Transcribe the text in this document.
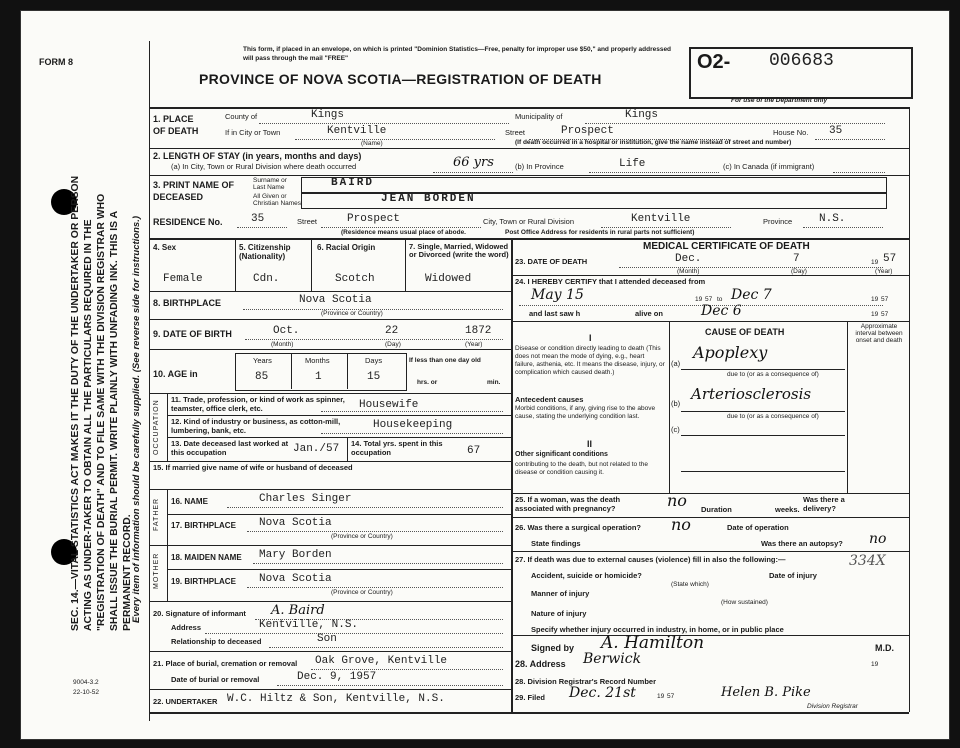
SEC. 14.—VITAL STATISTICS ACT MAKES IT THE DUTY OF THE UNDERTAKER OR PERSON ACTING AS UNDER-TAKER TO OBTAIN ALL THE PARTICULARS REQUIRED IN THE "REGISTRATION OF DEATH" AND TO FILE SAME WITH THE DIVISION REGISTRAR WHO SHALL ISSUE THE BURIAL PERMIT. WRITE PLAINLY WITH UNFADING INK. THIS IS A PERMANENT RECORD.
Every item of information should be carefully supplied. (See reverse side for instructions.)
FORM 8
9004-3.2
22-10-52
This form, if placed in an envelope, on which is printed "Dominion Statistics—Free, penalty for improper use $50," and properly addressed will pass through the mail "FREE"
PROVINCE OF NOVA SCOTIA—REGISTRATION OF DEATH
O2- 006683
For use of the Department only
1. PLACE OF DEATH
County of	Kings	Municipality of	Kings
If in City or Town	Kentville
(Name)
Street	Prospect	House No. 35
(If death occurred in a hospital or institution, give the name instead of street and number)
2. LENGTH OF STAY (in years, months and days)
(a) In City, Town or Rural Division where death occurred	66 yrs	(b) In Province	Life	(c) In Canada (if immigrant)
3. PRINT NAME OF DECEASED
Surname or Last Name	BAIRD
All Given or Christian Names	JEAN BORDEN
RESIDENCE No.	35	Street	Prospect	City, Town or Rural Division	Kentville	Province N.S.
(Residence means usual place of abode.	Post Office Address for residents in rural parts not sufficient)
4. Sex
Female
5. Citizenship (Nationality)
Cdn.
6. Racial Origin
Scotch
7. Single, Married, Widowed or Divorced (write the word)
Widowed
8. BIRTHPLACE	Nova Scotia
(Province or Country)
9. DATE OF BIRTH	Oct.	22	1872
(Month)	(Day)	(Year)
10. AGE in
Years	Months	Days
85	1	15
If less than one day old
hrs. or	min.
OCCUPATION 11. Trade, profession, or kind of work as spinner, teamster, office clerk, etc.	Housewife
12. Kind of industry or business, as cotton-mill, lumbering, bank, etc.	Housekeeping
13. Date deceased last worked at this occupation	Jan./57 14. Total yrs. spent in this occupation	67
15. If married give name of wife or husband of deceased
FATHER 16. NAME	Charles Singer
17. BIRTHPLACE Nova Scotia
(Province or Country)
MOTHER 18. MAIDEN NAME Mary Borden
19. BIRTHPLACE Nova Scotia
(Province or Country)
20. Signature of informant A. Baird
Address	Kentville, N.S.
Relationship to deceased	Son
21. Place of burial, cremation or removal Oak Grove, Kentville
Date of burial or removal	Dec. 9, 1957
22. UNDERTAKER W.C. Hiltz & Son, Kentville, N.S.
MEDICAL CERTIFICATE OF DEATH
23. DATE OF DEATH	Dec.	7	19 57
(Month)	(Day)	(Year)
24. I HEREBY CERTIFY that I attended deceased from
May 15	19 57 to Dec 7	19 57
and last saw h	alive on	Dec 6	19 57
CAUSE OF DEATH
Approximate interval between onset and death
I
Disease or condition directly leading to death (This does not mean the mode of dying, e.g., heart failure, asthenia, etc. It means the disease, injury, or complication which caused death.)
(a)
Apoplexy
due to (or as a consequence of)
Antecedent causes
Morbid conditions, if any, giving rise to the above cause, stating the underlying condition last.
(b)
Arteriosclerosis
due to (or as a consequence of)
(c)
II
Other significant conditions
contributing to the death, but not related to the disease or condition causing it.
25. If a woman, was the death associated with pregnancy?	no Duration	weeks.
Was there a delivery?
26. Was there a surgical operation? no	Date of operation
State findings	Was there an autopsy? no
27. If death was due to external causes (violence) fill in also the following:—	334X
Accident, suicide or homicide?
(State which)
Date of injury
Manner of injury
(How sustained)
Nature of injury
Specify whether injury occurred in industry, in home, or in public place
Signed by A. Hamilton	M.D.
28. Address Berwick	19
28. Division Registrar's Record Number
29. Filed Dec. 21st	19 57	Helen B. Pike
Division Registrar
